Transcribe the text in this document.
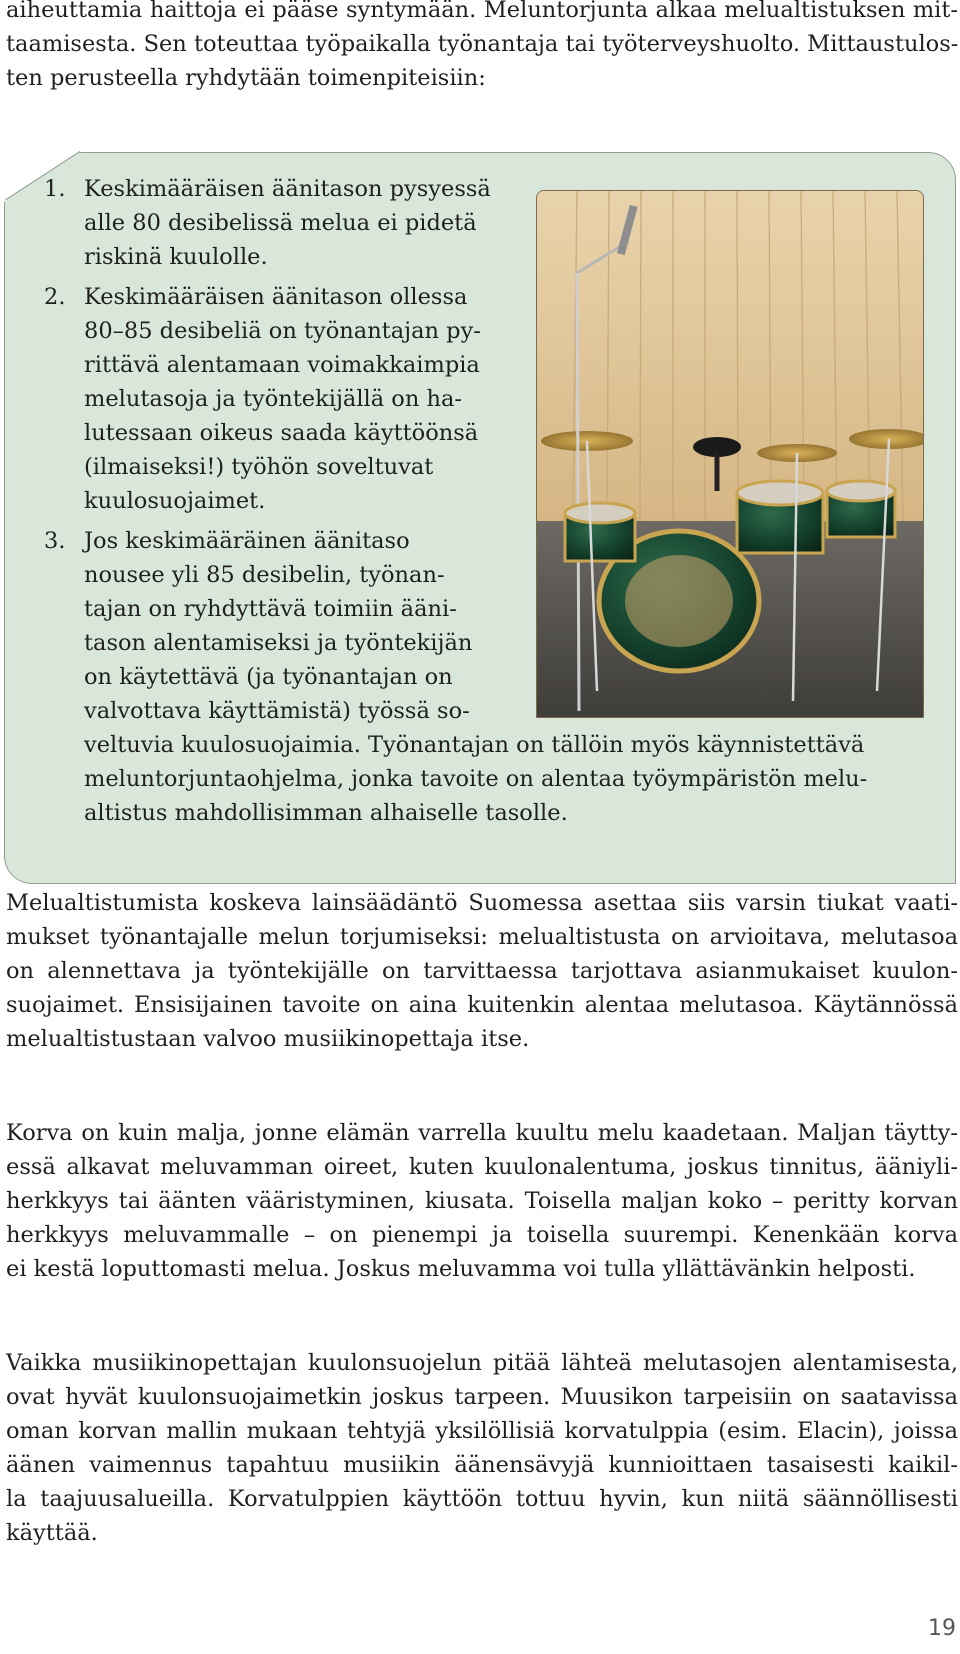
aiheuttamia haittoja ei pääse syntymään. Meluntorjunta alkaa melualtistuksen mit-
taamisesta. Sen toteuttaa työpaikalla työnantaja tai työterveyshuolto. Mittaustulos-
ten perusteella ryhdytään toimenpiteisiin:
1. Keskimääräisen äänitason pysyessä
alle 80 desibelissä melua ei pidetä
riskinä kuulolle.
2. Keskimääräisen äänitason ollessa
80–85 desibeliä on työnantajan py-
rittävä alentamaan voimakkaimpia
melutasoja ja työntekijällä on ha-
lutessaan oikeus saada käyttöönsä
(ilmaiseksi!) työhön soveltuvat
kuulosuojaimet.
3. Jos keskimääräinen äänitaso
nousee yli 85 desibelin, työnan-
tajan on ryhdyttävä toimiin ääni-
tason alentamiseksi ja työntekijän
on käytettävä (ja työnantajan on
valvottava käyttämistä) työssä so-
veltuvia kuulosuojaimia. Työnantajan on tällöin myös käynnistettävä
meluntorjuntaohjelma, jonka tavoite on alentaa työympäristön melu-
altistus mahdollisimman alhaiselle tasolle.
Melualtistumista koskeva lainsäädäntö Suomessa asettaa siis varsin tiukat vaati-
mukset työnantajalle melun torjumiseksi: melualtistusta on arvioitava, melutasoa
on alennettava ja työntekijälle on tarvittaessa tarjottava asianmukaiset kuulon-
suojaimet. Ensisijainen tavoite on aina kuitenkin alentaa melutasoa. Käytännössä
melualtistustaan valvoo musiikinopettaja itse.
Korva on kuin malja, jonne elämän varrella kuultu melu kaadetaan. Maljan täytty-
essä alkavat meluvamman oireet, kuten kuulonalentuma, joskus tinnitus, ääniyli-
herkkyys tai äänten vääristyminen, kiusata. Toisella maljan koko – peritty korvan
herkkyys meluvammalle – on pienempi ja toisella suurempi. Kenenkään korva
ei kestä loputtomasti melua. Joskus meluvamma voi tulla yllättävänkin helposti.
Vaikka musiikinopettajan kuulonsuojelun pitää lähteä melutasojen alentamisesta,
ovat hyvät kuulonsuojaimetkin joskus tarpeen. Muusikon tarpeisiin on saatavissa
oman korvan mallin mukaan tehtyjä yksilöllisiä korvatulppia (esim. Elacin), joissa
äänen vaimennus tapahtuu musiikin äänensävyjä kunnioittaen tasaisesti kaikil-
la taajuusalueilla. Korvatulppien käyttöön tottuu hyvin, kun niitä säännöllisesti
käyttää.
19
